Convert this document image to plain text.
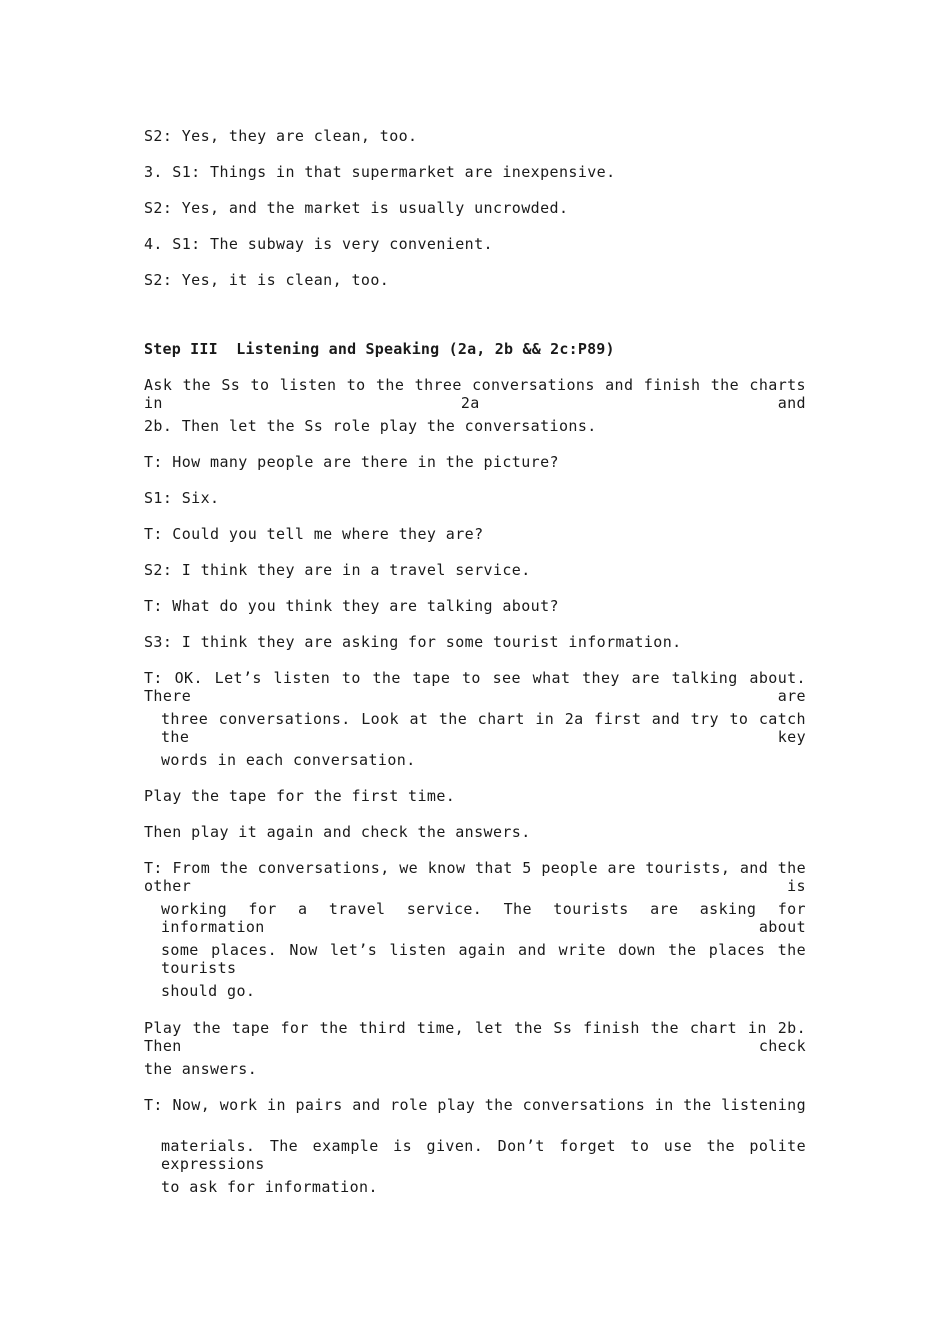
S2: Yes, they are clean, too.
3. S1: Things in that supermarket are inexpensive.
S2: Yes, and the market is usually uncrowded.
4. S1: The subway is very convenient.
S2: Yes, it is clean, too.
Step III  Listening and Speaking (2a, 2b && 2c:P89)
Ask the Ss to listen to the three conversations and finish the charts in 2a and
2b. Then let the Ss role play the conversations.
T: How many people are there in the picture?
S1: Six.
T: Could you tell me where they are?
S2: I think they are in a travel service.
T: What do you think they are talking about?
S3: I think they are asking for some tourist information.
T: OK. Let’s listen to the tape to see what they are talking about. There are
three conversations. Look at the chart in 2a first and try to catch the key
words in each conversation.
Play the tape for the first time.
Then play it again and check the answers.
T: From the conversations, we know that 5 people are tourists, and the other is
working for a travel service. The tourists are asking for information about
some places. Now let’s listen again and write down the places the tourists
should go.
Play the tape for the third time, let the Ss finish the chart in 2b. Then check
the answers.
T: Now, work in pairs and role play the conversations in the listening
materials. The example is given. Don’t forget to use the polite expressions
to ask for information.
